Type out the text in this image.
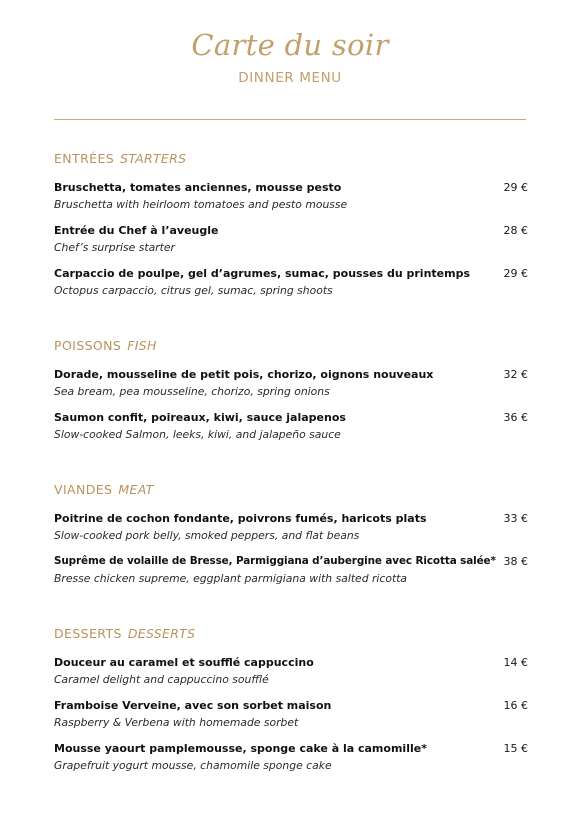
Carte du soir
DINNER MENU
ENTRÉES STARTERS
Bruschetta, tomates anciennes, mousse pesto
Bruschetta with heirloom tomatoes and pesto mousse
29 €
Entrée du Chef à l’aveugle
Chef’s surprise starter
28 €
Carpaccio de poulpe, gel d’agrumes, sumac, pousses du printemps
Octopus carpaccio, citrus gel, sumac, spring shoots
29 €
POISSONS FISH
Dorade, mousseline de petit pois, chorizo, oignons nouveaux
Sea bream, pea mousseline, chorizo, spring onions
32 €
Saumon confit, poireaux, kiwi, sauce jalapenos
Slow-cooked Salmon, leeks, kiwi, and jalapeño sauce
36 €
VIANDES MEAT
Poitrine de cochon fondante, poivrons fumés, haricots plats
Slow-cooked pork belly, smoked peppers, and flat beans
33 €
Suprême de volaille de Bresse, Parmiggiana d’aubergine avec Ricotta salée*
Bresse chicken supreme, eggplant parmigiana with salted ricotta
38 €
DESSERTS DESSERTS
Douceur au caramel et soufflé cappuccino
Caramel delight and cappuccino soufflé
14 €
Framboise Verveine, avec son sorbet maison
Raspberry & Verbena with homemade sorbet
16 €
Mousse yaourt pamplemousse, sponge cake à la camomille*
Grapefruit yogurt mousse, chamomile sponge cake
15 €
